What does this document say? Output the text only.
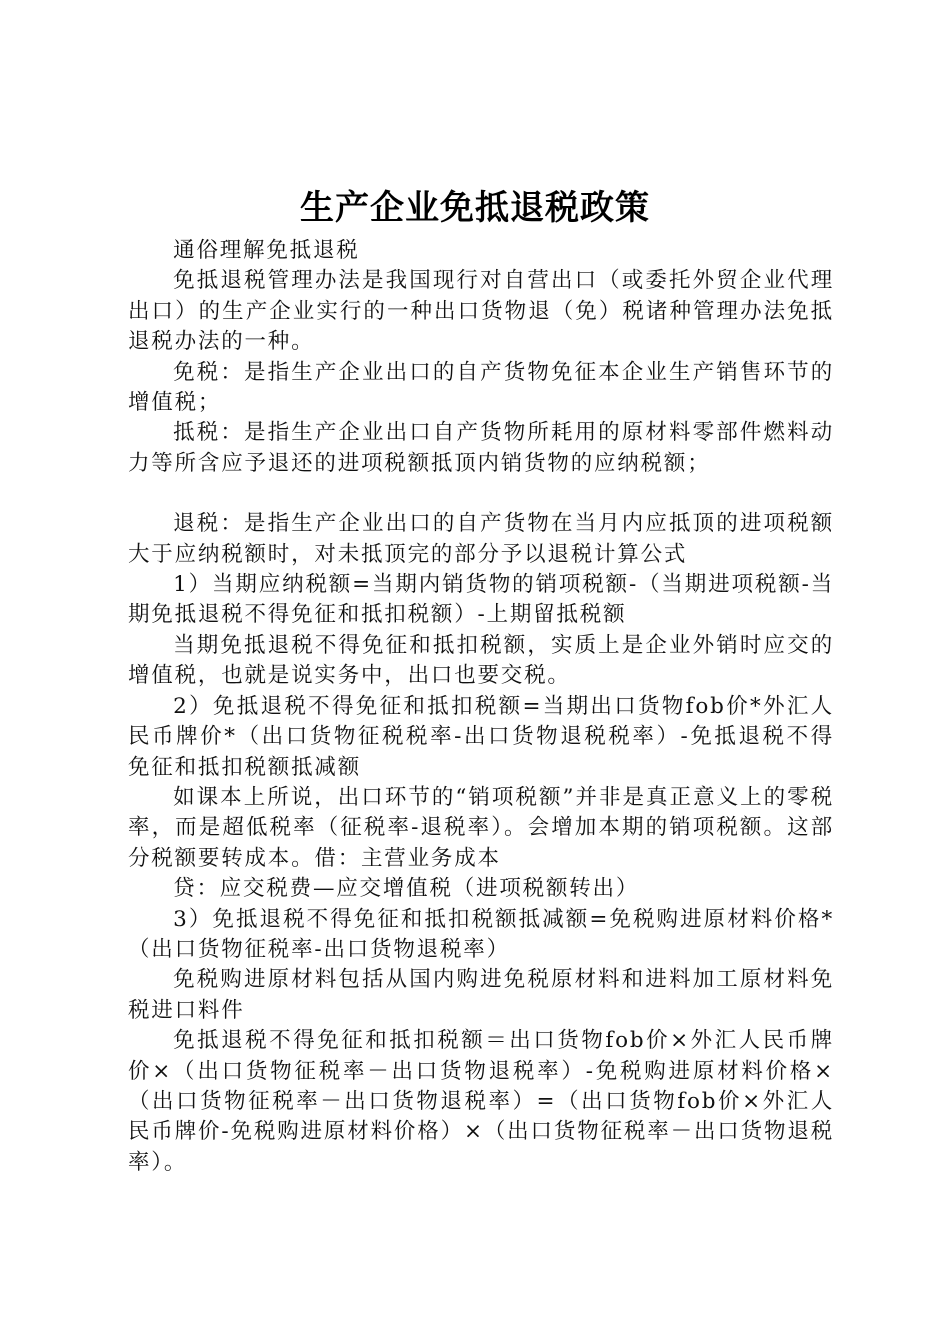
生产企业免抵退税政策

通俗理解免抵退税

免抵退税管理办法是我国现行对自营出口（或委托外贸企业代理出口）的生产企业实行的一种出口货物退（免）税诸种管理办法免抵退税办法的一种。

免税：是指生产企业出口的自产货物免征本企业生产销售环节的增值税；

抵税：是指生产企业出口自产货物所耗用的原材料零部件燃料动力等所含应予退还的进项税额抵顶内销货物的应纳税额；

退税：是指生产企业出口的自产货物在当月内应抵顶的进项税额大于应纳税额时，对未抵顶完的部分予以退税计算公式

1）当期应纳税额=当期内销货物的销项税额-（当期进项税额-当期免抵退税不得免征和抵扣税额）-上期留抵税额

当期免抵退税不得免征和抵扣税额，实质上是企业外销时应交的增值税，也就是说实务中，出口也要交税。

2）免抵退税不得免征和抵扣税额=当期出口货物fob价*外汇人民币牌价*（出口货物征税税率-出口货物退税税率）-免抵退税不得免征和抵扣税额抵减额

如课本上所说，出口环节的“销项税额”并非是真正意义上的零税率，而是超低税率（征税率-退税率）。会增加本期的销项税额。这部分税额要转成本。借：主营业务成本

贷：应交税费—应交增值税（进项税额转出）

3）免抵退税不得免征和抵扣税额抵减额=免税购进原材料价格*（出口货物征税率-出口货物退税率）

免税购进原材料包括从国内购进免税原材料和进料加工原材料免税进口料件

免抵退税不得免征和抵扣税额＝出口货物fob价×外汇人民币牌价×（出口货物征税率－出口货物退税率）-免税购进原材料价格×（出口货物征税率－出口货物退税率）=（出口货物fob价×外汇人民币牌价-免税购进原材料价格）×（出口货物征税率－出口货物退税率）。
